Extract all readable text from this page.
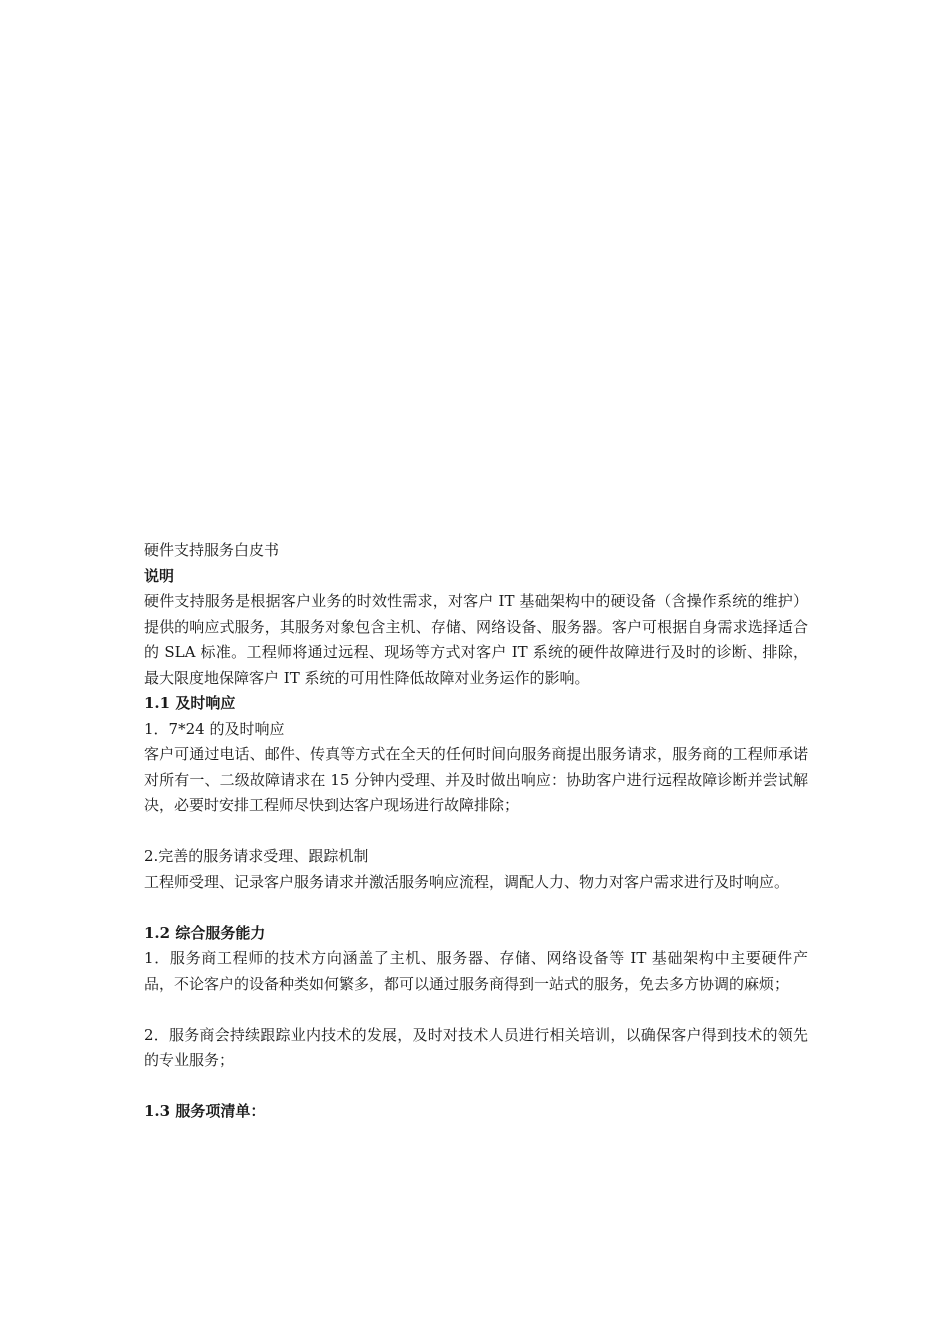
硬件支持服务白皮书
说明
硬件支持服务是根据客户业务的时效性需求，对客户 IT 基础架构中的硬设备（含操作系统的维护）提供的响应式服务，其服务对象包含主机、存储、网络设备、服务器。客户可根据自身需求选择适合的 SLA 标准。工程师将通过远程、现场等方式对客户 IT 系统的硬件故障进行及时的诊断、排除，最大限度地保障客户 IT 系统的可用性降低故障对业务运作的影响。
1.1 及时响应
1．7*24 的及时响应
客户可通过电话、邮件、传真等方式在全天的任何时间向服务商提出服务请求，服务商的工程师承诺对所有一、二级故障请求在 15 分钟内受理、并及时做出响应：协助客户进行远程故障诊断并尝试解决，必要时安排工程师尽快到达客户现场进行故障排除；
2.完善的服务请求受理、跟踪机制
工程师受理、记录客户服务请求并激活服务响应流程，调配人力、物力对客户需求进行及时响应。
1.2 综合服务能力
1．服务商工程师的技术方向涵盖了主机、服务器、存储、网络设备等 IT 基础架构中主要硬件产品，不论客户的设备种类如何繁多，都可以通过服务商得到一站式的服务，免去多方协调的麻烦；
2．服务商会持续跟踪业内技术的发展，及时对技术人员进行相关培训，以确保客户得到技术的领先的专业服务；
1.3 服务项清单：
